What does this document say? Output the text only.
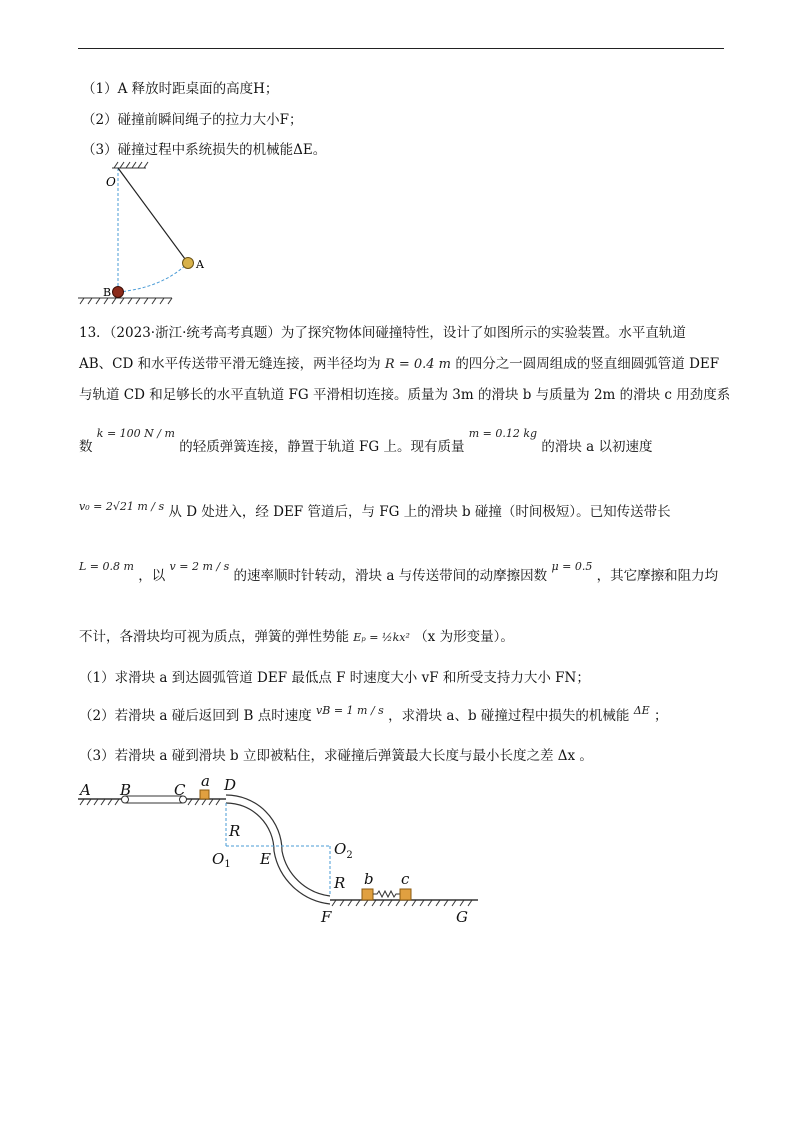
（1）A 释放时距桌面的高度H；
（2）碰撞前瞬间绳子的拉力大小F；
（3）碰撞过程中系统损失的机械能ΔE。
O
A
B
13．（2023·浙江·统考高考真题）为了探究物体间碰撞特性，设计了如图所示的实验装置。水平直轨道
AB、CD 和水平传送带平滑无缝连接，两半径均为 R = 0.4 m 的四分之一圆周组成的竖直细圆弧管道 DEF
与轨道 CD 和足够长的水平直轨道 FG 平滑相切连接。质量为 3m 的滑块 b 与质量为 2m 的滑块 c 用劲度系
数 k = 100 N / m 的轻质弹簧连接，静置于轨道 FG 上。现有质量 m = 0.12 kg 的滑块 a 以初速度
v₀ = 2√21 m / s 从 D 处进入，经 DEF 管道后，与 FG 上的滑块 b 碰撞（时间极短）。已知传送带长
L = 0.8 m ，以 v = 2 m / s 的速率顺时针转动，滑块 a 与传送带间的动摩擦因数 μ = 0.5 ，其它摩擦和阻力均
不计，各滑块均可视为质点，弹簧的弹性势能 Eₚ = ½kx² （x 为形变量）。
（1）求滑块 a 到达圆弧管道 DEF 最低点 F 时速度大小 vF 和所受支持力大小 FN；
（2）若滑块 a 碰后返回到 B 点时速度 $^{vB = 1 m / s}$ ，求滑块 a、b 碰撞过程中损失的机械能 $^{\Delta E}$ ；
（3）若滑块 a 碰到滑块 b 立即被粘住，求碰撞后弹簧最大长度与最小长度之差 Δx 。
A B	C a D
R
$O_1$ E
$O_2$
R b c
F	G
